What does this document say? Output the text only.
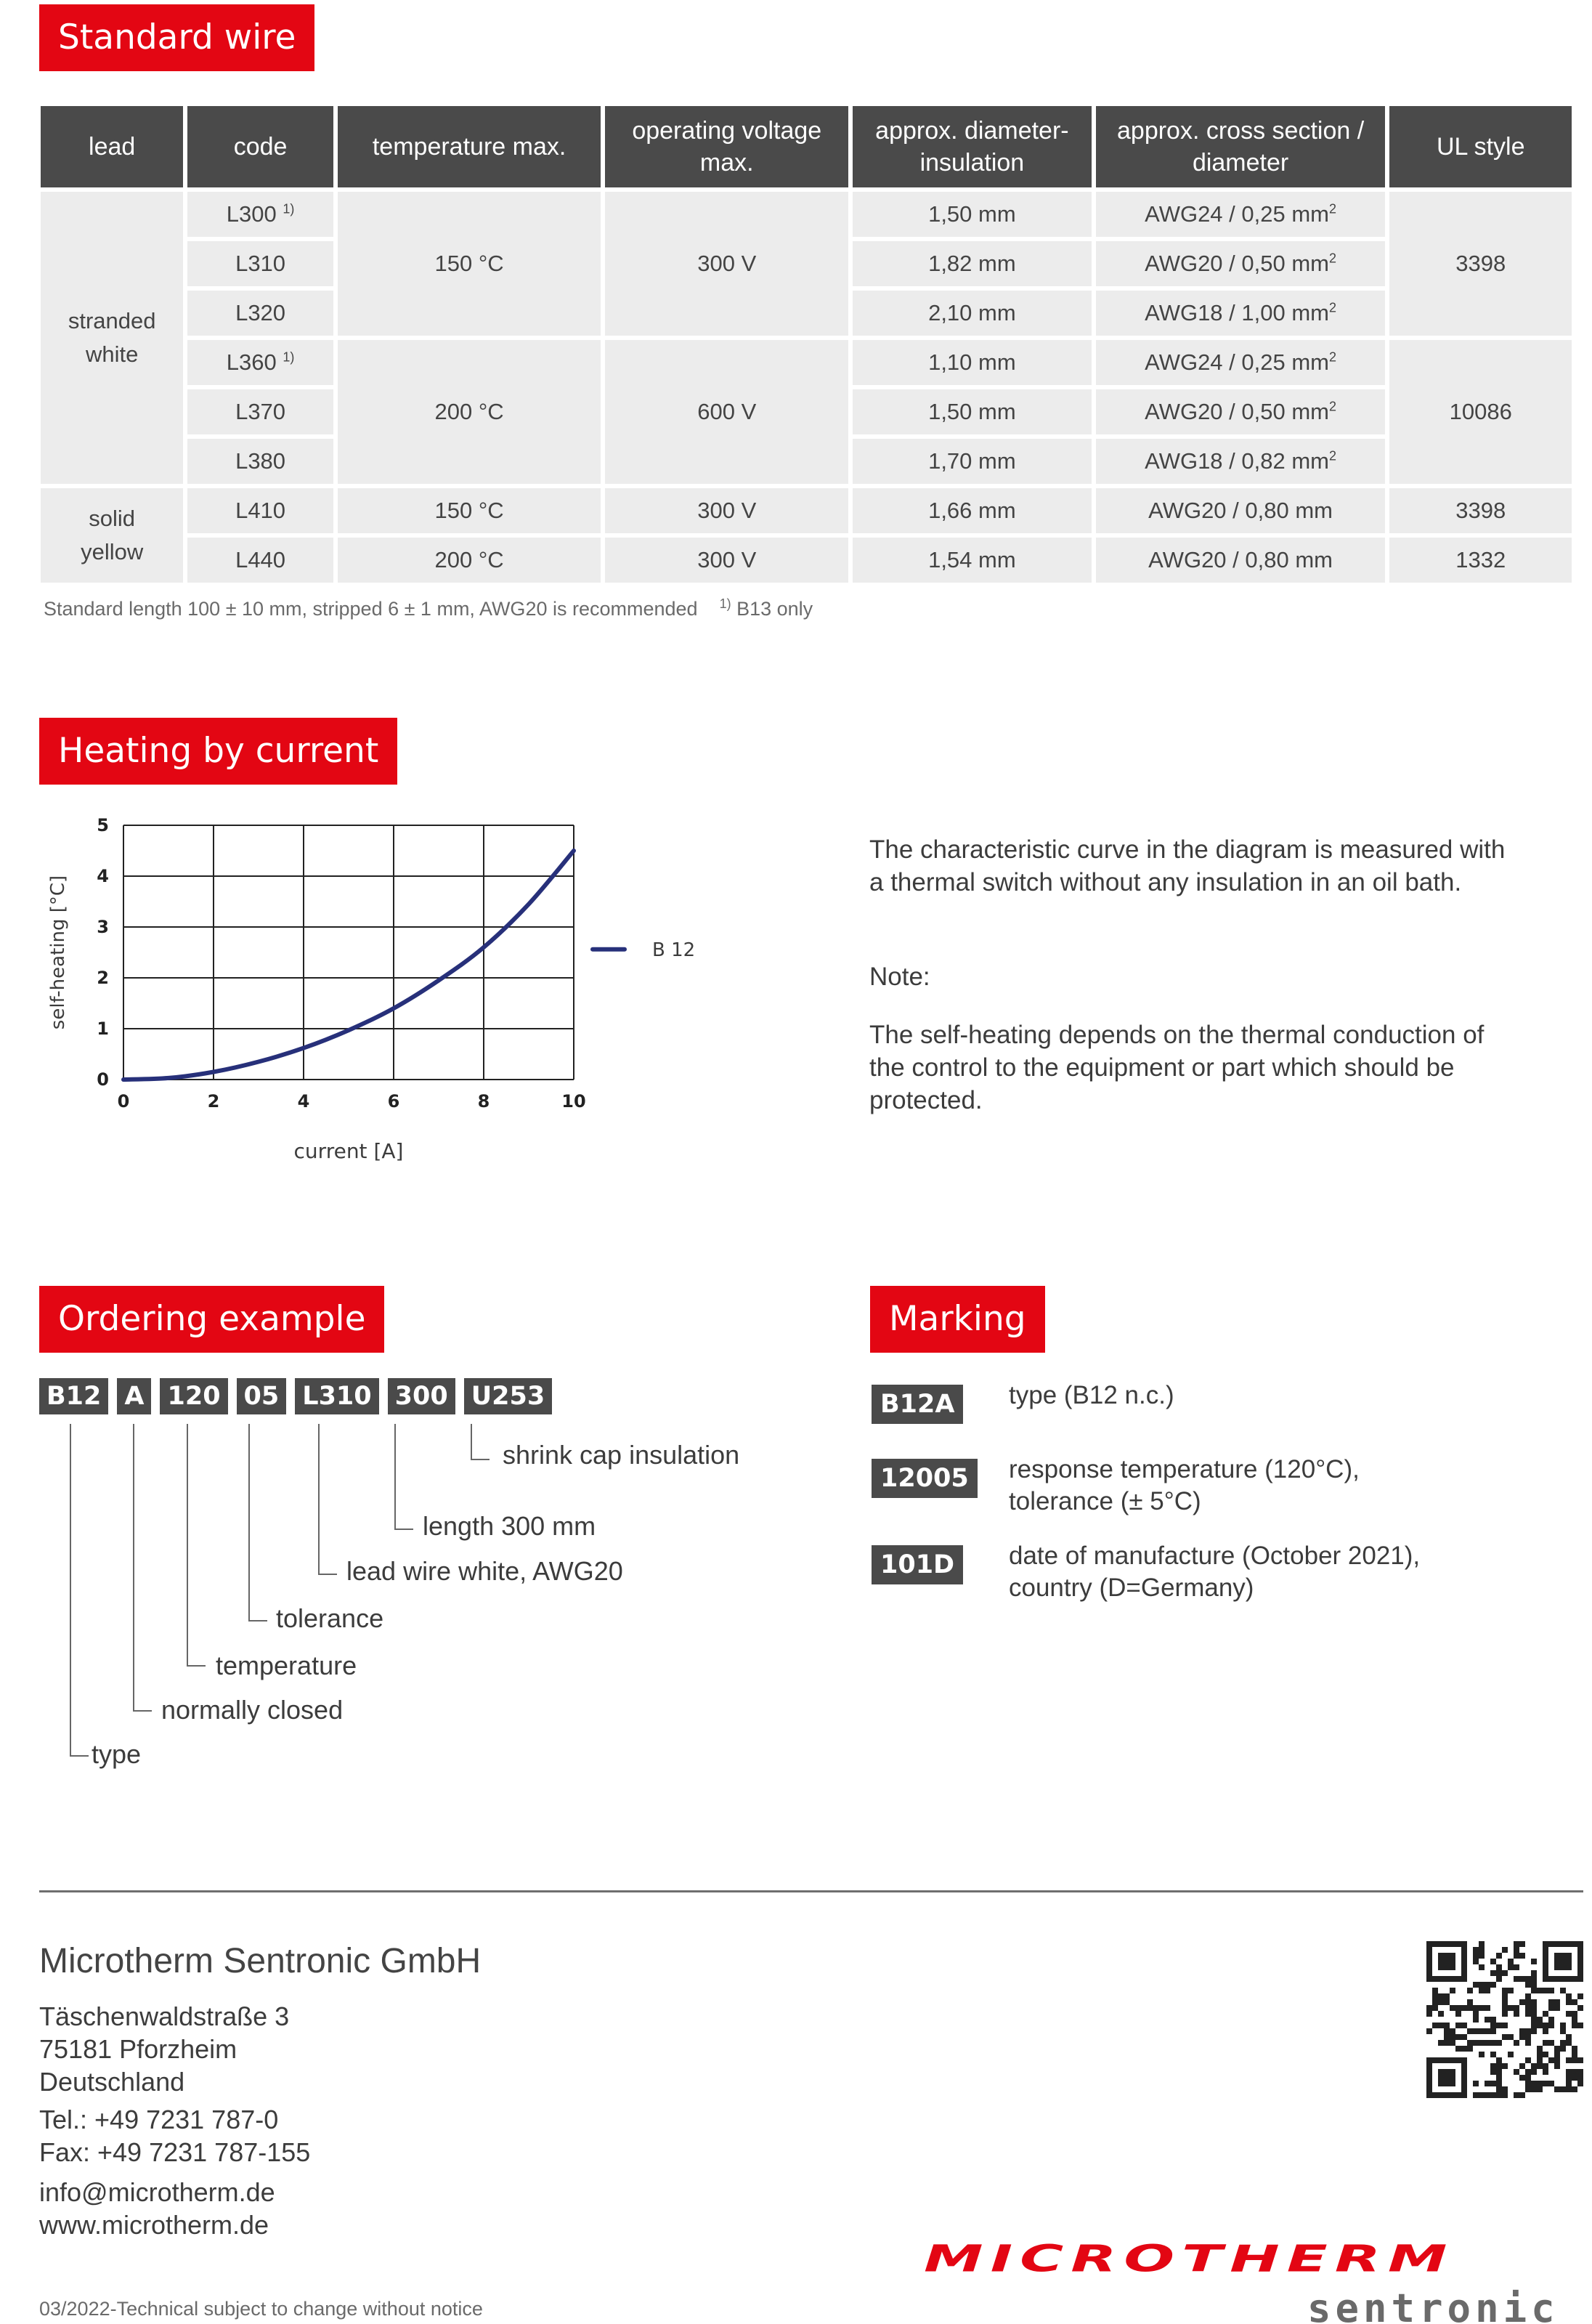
Standard wire
lead	code	temperature max.	operating voltage max.	approx. diameter-insulation	approx. cross section / diameter	UL style
stranded
white	L300 $^{1)}$	150 °C	300 V	1,50 mm	AWG24 / 0,25 $mm^2$	3398
	L310			1,82 mm	AWG20 / 0,50 $mm^2$
	L320			2,10 mm	AWG18 / 1,00 $mm^2$
	L360 $^{1)}$	200 °C	600 V	1,10 mm	AWG24 / 0,25 $mm^2$	10086
	L370			1,50 mm	AWG20 / 0,50 $mm^2$
	L380			1,70 mm	AWG18 / 0,82 $mm^2$
solid
yellow	L410	150 °C	300 V	1,66 mm	AWG20 / 0,80 mm	3398
	L440	200 °C	300 V	1,54 mm	AWG20 / 0,80 mm	1332
Standard length 100 ± 10 mm, stripped 6 ± 1 mm, AWG20 is recommended $^{1)}$ B13 only
Heating by current
0	2	4	6	8	10
0
1
2
3
4
5
current [A]
self-heating [°C]	B 12
The characteristic curve in the diagram is measured with a thermal switch without any insulation in an oil bath.
Note:
The self-heating depends on the thermal conduction of the control to the equipment or part which should be protected.
Ordering example
B12 A 120 05 L310 300 U253
shrink cap insulation
length 300 mm
lead wire white, AWG20
tolerance
temperature
normally closed
type
Marking
B12A	type (B12 n.c.)
12005	response temperature (120°C),
tolerance (± 5°C)
101D	date of manufacture (October 2021),
country (D=Germany)
Microtherm Sentronic GmbH
Täschenwaldstraße 3
75181 Pforzheim
Deutschland
Tel.: +49 7231 787-0
Fax: +49 7231 787-155
info@microtherm.de
www.microtherm.de
03/2022-Technical subject to change without notice
MICROTHERM
sentronic
